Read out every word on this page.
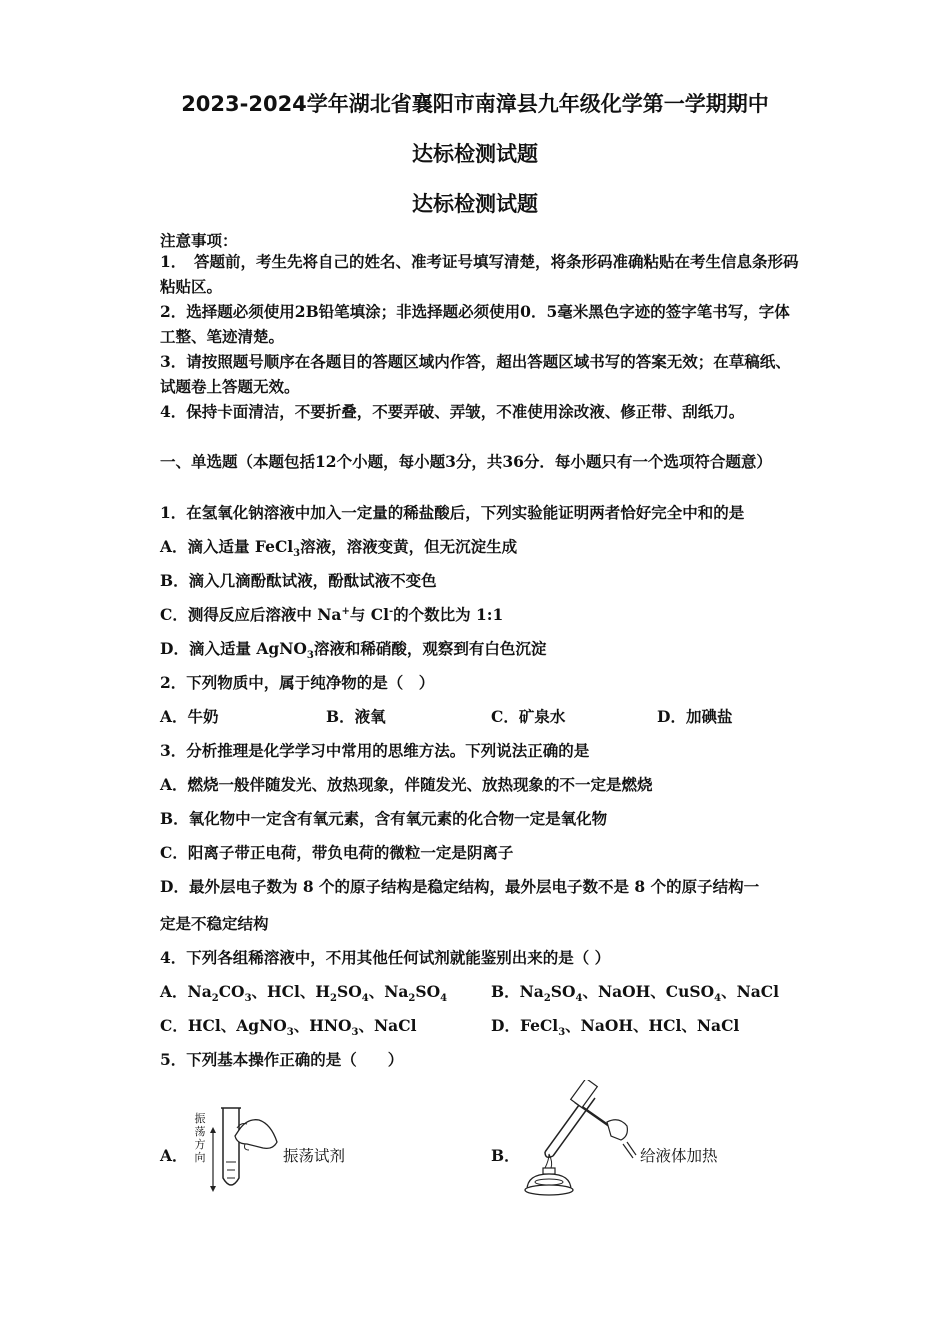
2023-2024学年湖北省襄阳市南漳县九年级化学第一学期期中
达标检测试题
达标检测试题
注意事项：
1．　答题前，考生先将自己的姓名、准考证号填写清楚，将条形码准确粘贴在考生信息条形码粘贴区。
2．选择题必须使用2B铅笔填涂；非选择题必须使用0．5毫米黑色字迹的签字笔书写，字体工整、笔迹清楚。
3．请按照题号顺序在各题目的答题区域内作答，超出答题区域书写的答案无效；在草稿纸、试题卷上答题无效。
4．保持卡面清洁，不要折叠，不要弄破、弄皱，不准使用涂改液、修正带、刮纸刀。
一、单选题（本题包括12个小题，每小题3分，共36分．每小题只有一个选项符合题意）
1．在氢氧化钠溶液中加入一定量的稀盐酸后，下列实验能证明两者恰好完全中和的是
A．滴入适量 FeCl$_3$溶液，溶液变黄，但无沉淀生成
B．滴入几滴酚酞试液，酚酞试液不变色
C．测得反应后溶液中 Na+与 Cl-的个数比为 1:1
D．滴入适量 AgNO$_3$溶液和稀硝酸，观察到有白色沉淀
2．下列物质中，属于纯净物的是（　）
A．牛奶	B．液氧	C．矿泉水	D．加碘盐
3．分析推理是化学学习中常用的思维方法。下列说法正确的是
A．燃烧一般伴随发光、放热现象，伴随发光、放热现象的不一定是燃烧
B．氧化物中一定含有氧元素，含有氧元素的化合物一定是氧化物
C．阳离子带正电荷，带负电荷的微粒一定是阴离子
D．最外层电子数为 8 个的原子结构是稳定结构，最外层电子数不是 8 个的原子结构一
定是不稳定结构
4．下列各组稀溶液中，不用其他任何试剂就能鉴别出来的是（ ）
A．$Na_2CO_3$、HCl、$H_2SO_4$、$Na_2SO_4$	B．$Na_2SO_4$、NaOH、CuSO$_4$、NaCl
C．HCl、AgNO$_3$、$HNO_3$、NaCl	D．FeCl$_3$、NaOH、HCl、NaCl
5．下列基本操作正确的是（　　）
A．
振荡方向	振荡试剂	B．	给液体加热
